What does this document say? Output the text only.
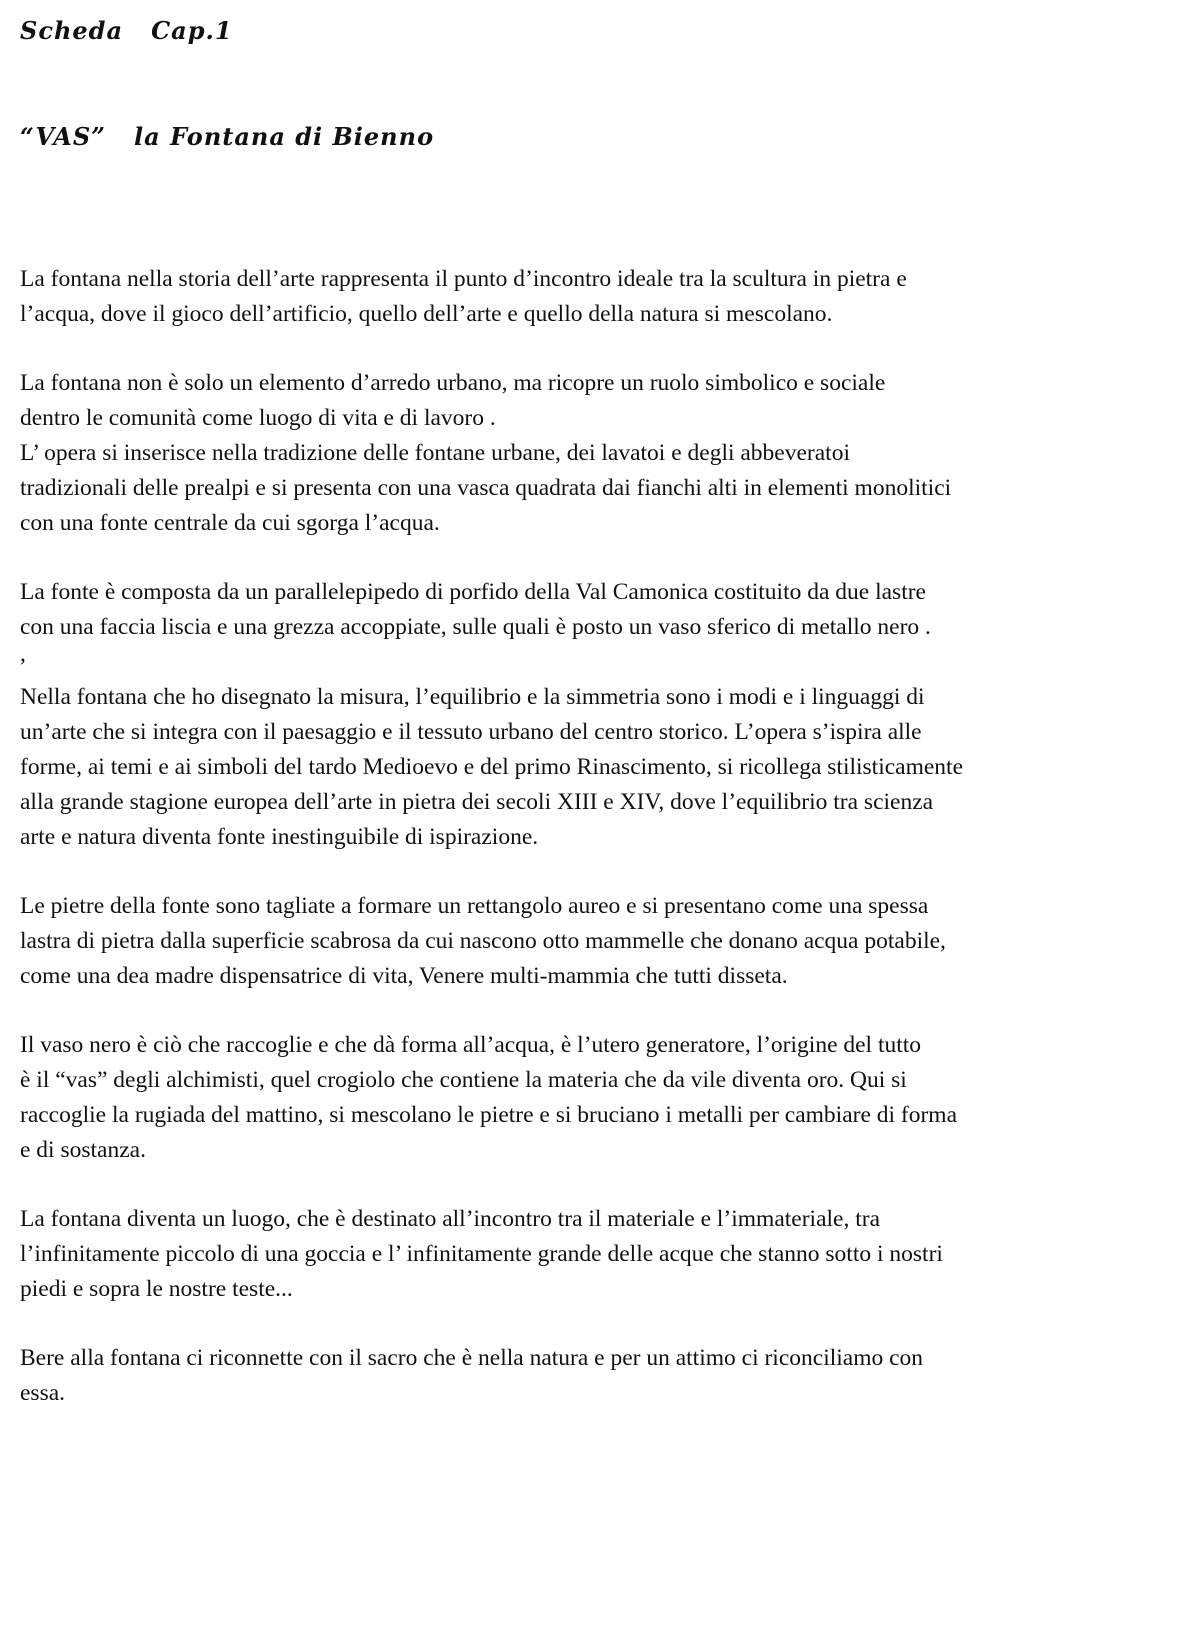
Scheda   Cap.1
“VAS”   la Fontana di Bienno

La fontana nella storia dell’arte rappresenta il punto d’incontro ideale tra la scultura in pietra e
l’acqua, dove il gioco dell’artificio, quello dell’arte e quello della natura si mescolano.

La fontana non è solo un elemento d’arredo urbano, ma ricopre un ruolo simbolico e sociale
dentro le comunità come luogo di vita e di lavoro .

L’ opera si inserisce nella tradizione delle fontane urbane, dei lavatoi e degli abbeveratoi
tradizionali delle prealpi e si presenta con una vasca quadrata dai fianchi alti in elementi monolitici
con una fonte centrale da cui sgorga l’acqua.

La fonte è composta da un parallelepipedo di porfido della Val Camonica costituito da due lastre
con una faccia liscia e una grezza accoppiate, sulle quali è posto un vaso sferico di metallo nero .

,

Nella fontana che ho disegnato la misura, l’equilibrio e la simmetria sono i modi e i linguaggi di
un’arte che si integra con il paesaggio e il tessuto urbano del centro storico. L’opera s’ispira alle
forme, ai temi e ai simboli del tardo Medioevo e del primo Rinascimento, si ricollega stilisticamente
alla grande stagione europea dell’arte in pietra dei secoli XIII e XIV, dove l’equilibrio tra scienza
arte e natura diventa fonte inestinguibile di ispirazione.

Le pietre della fonte sono tagliate a formare un rettangolo aureo e si presentano come una spessa
lastra di pietra dalla superficie scabrosa da cui nascono otto mammelle che donano acqua potabile,
come una dea madre dispensatrice di vita, Venere multi-mammia che tutti disseta.

Il vaso nero è ciò che raccoglie e che dà forma all’acqua, è l’utero generatore, l’origine del tutto
è il “vas” degli alchimisti, quel crogiolo che contiene la materia che da vile diventa oro. Qui si
raccoglie la rugiada del mattino, si mescolano le pietre e si bruciano i metalli per cambiare di forma
e di sostanza.

La fontana diventa un luogo, che è destinato all’incontro tra il materiale e l’immateriale, tra
l’infinitamente piccolo di una goccia e l’ infinitamente grande delle acque che stanno sotto i nostri
piedi e sopra le nostre teste...

Bere alla fontana ci riconnette con il sacro che è nella natura e per un attimo ci riconciliamo con
essa.
